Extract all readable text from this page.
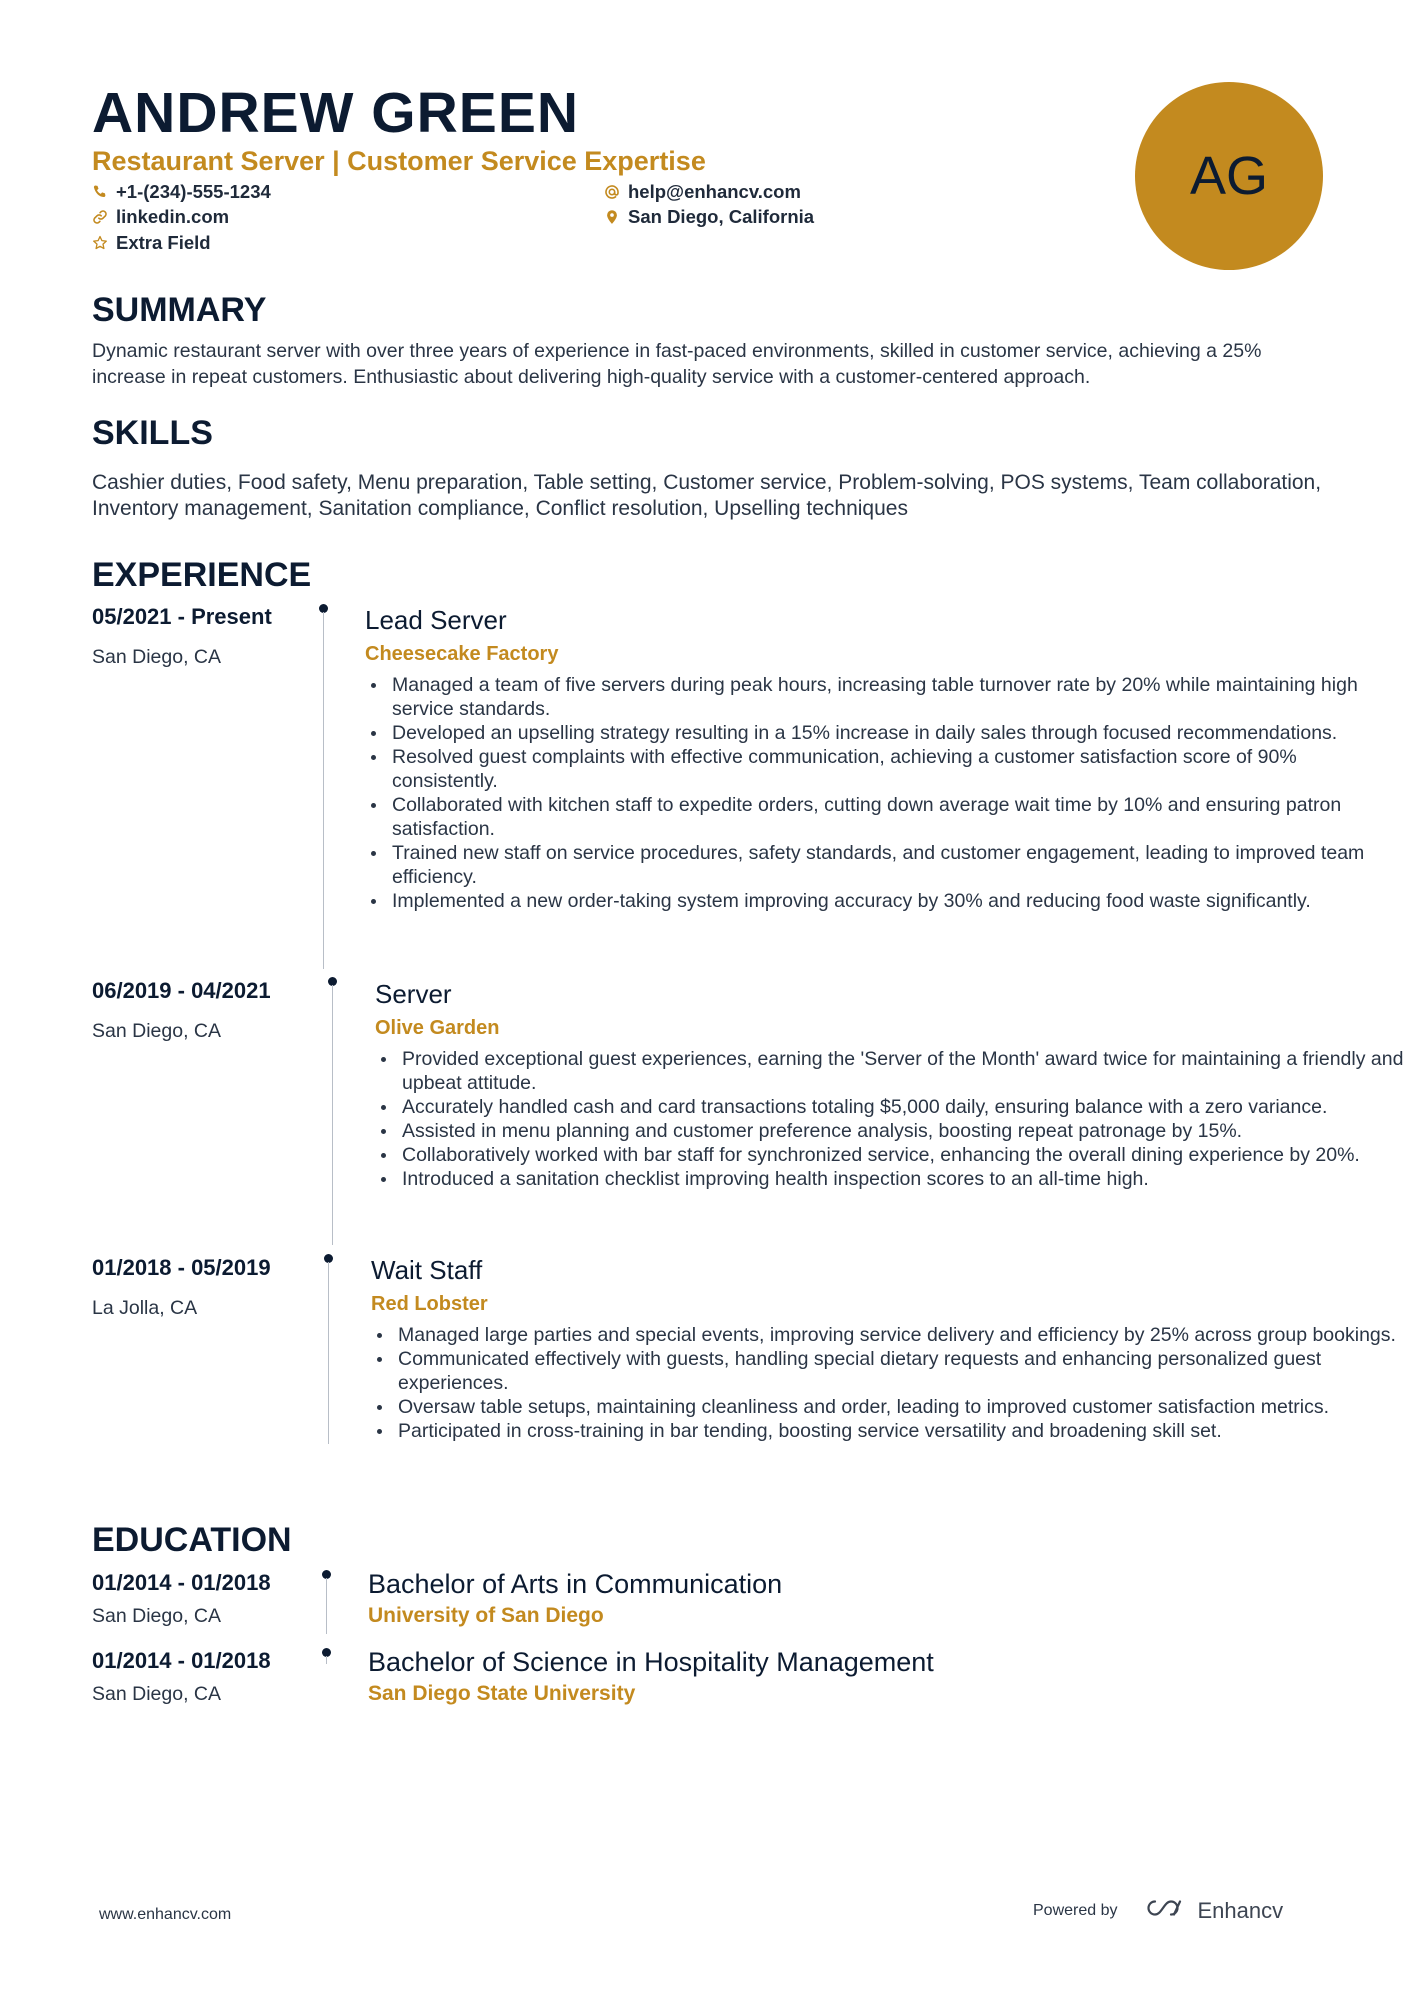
ANDREW GREEN
Restaurant Server | Customer Service Expertise
+1-(234)-555-1234	help@enhancv.com
linkedin.com	San Diego, California
Extra Field
AG
SUMMARY

Dynamic restaurant server with over three years of experience in fast-paced environments, skilled in customer service, achieving a 25% increase in repeat customers. Enthusiastic about delivering high-quality service with a customer-centered approach.

SKILLS

Cashier duties, Food safety, Menu preparation, Table setting, Customer service, Problem-solving, POS systems, Team collaboration, Inventory management, Sanitation compliance, Conflict resolution, Upselling techniques

EXPERIENCE
05/2021 - Present
San Diego, CA
Lead Server
Cheesecake Factory
Managed a team of five servers during peak hours, increasing table turnover rate by 20% while maintaining high service standards.
Developed an upselling strategy resulting in a 15% increase in daily sales through focused recommendations.
Resolved guest complaints with effective communication, achieving a customer satisfaction score of 90% consistently.
Collaborated with kitchen staff to expedite orders, cutting down average wait time by 10% and ensuring patron satisfaction.
Trained new staff on service procedures, safety standards, and customer engagement, leading to improved team efficiency.
Implemented a new order-taking system improving accuracy by 30% and reducing food waste significantly.
06/2019 - 04/2021
San Diego, CA
Server
Olive Garden
Provided exceptional guest experiences, earning the 'Server of the Month' award twice for maintaining a friendly and upbeat attitude.
Accurately handled cash and card transactions totaling $5,000 daily, ensuring balance with a zero variance.
Assisted in menu planning and customer preference analysis, boosting repeat patronage by 15%.
Collaboratively worked with bar staff for synchronized service, enhancing the overall dining experience by 20%.
Introduced a sanitation checklist improving health inspection scores to an all-time high.
01/2018 - 05/2019
La Jolla, CA
Wait Staff
Red Lobster
Managed large parties and special events, improving service delivery and efficiency by 25% across group bookings.
Communicated effectively with guests, handling special dietary requests and enhancing personalized guest experiences.
Oversaw table setups, maintaining cleanliness and order, leading to improved customer satisfaction metrics.
Participated in cross-training in bar tending, boosting service versatility and broadening skill set.
EDUCATION
01/2014 - 01/2018
San Diego, CA
Bachelor of Arts in Communication
University of San Diego
01/2014 - 01/2018
San Diego, CA
Bachelor of Science in Hospitality Management
San Diego State University
www.enhancv.com	Powered by	Enhancv
